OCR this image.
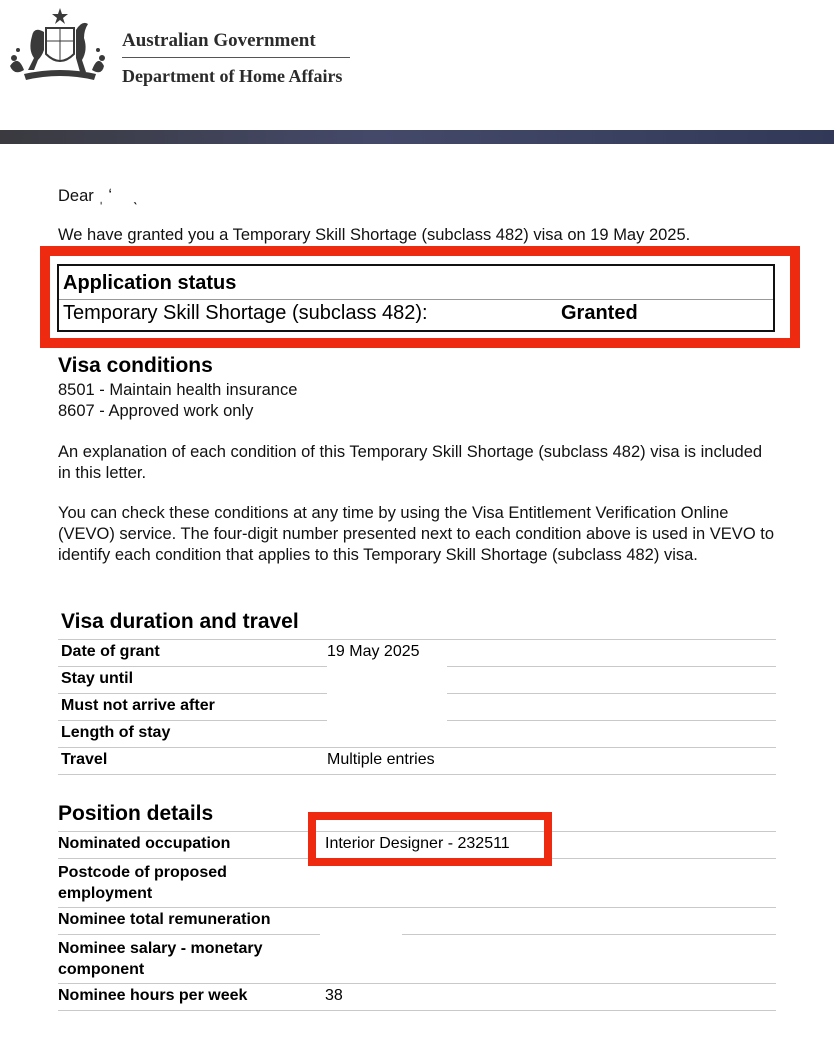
Australian Government
Department of Home Affairs
Dear ˌ ʻ    ˎ
We have granted you a Temporary Skill Shortage (subclass 482) visa on 19 May 2025.
Application status
Temporary Skill Shortage (subclass 482):	Granted
Visa conditions
8501 - Maintain health insurance
8607 - Approved work only
An explanation of each condition of this Temporary Skill Shortage (subclass 482) visa is included in this letter.
You can check these conditions at any time by using the Visa Entitlement Verification Online (VEVO) service. The four-digit number presented next to each condition above is used in VEVO to identify each condition that applies to this Temporary Skill Shortage (subclass 482) visa.
Visa duration and travel
Date of grant	19 May 2025
Stay until
Must not arrive after
Length of stay
Travel	Multiple entries
Position details
Nominated occupation	Interior Designer - 232511
Postcode of proposed employment
Nominee total remuneration
Nominee salary - monetary component
Nominee hours per week	38
